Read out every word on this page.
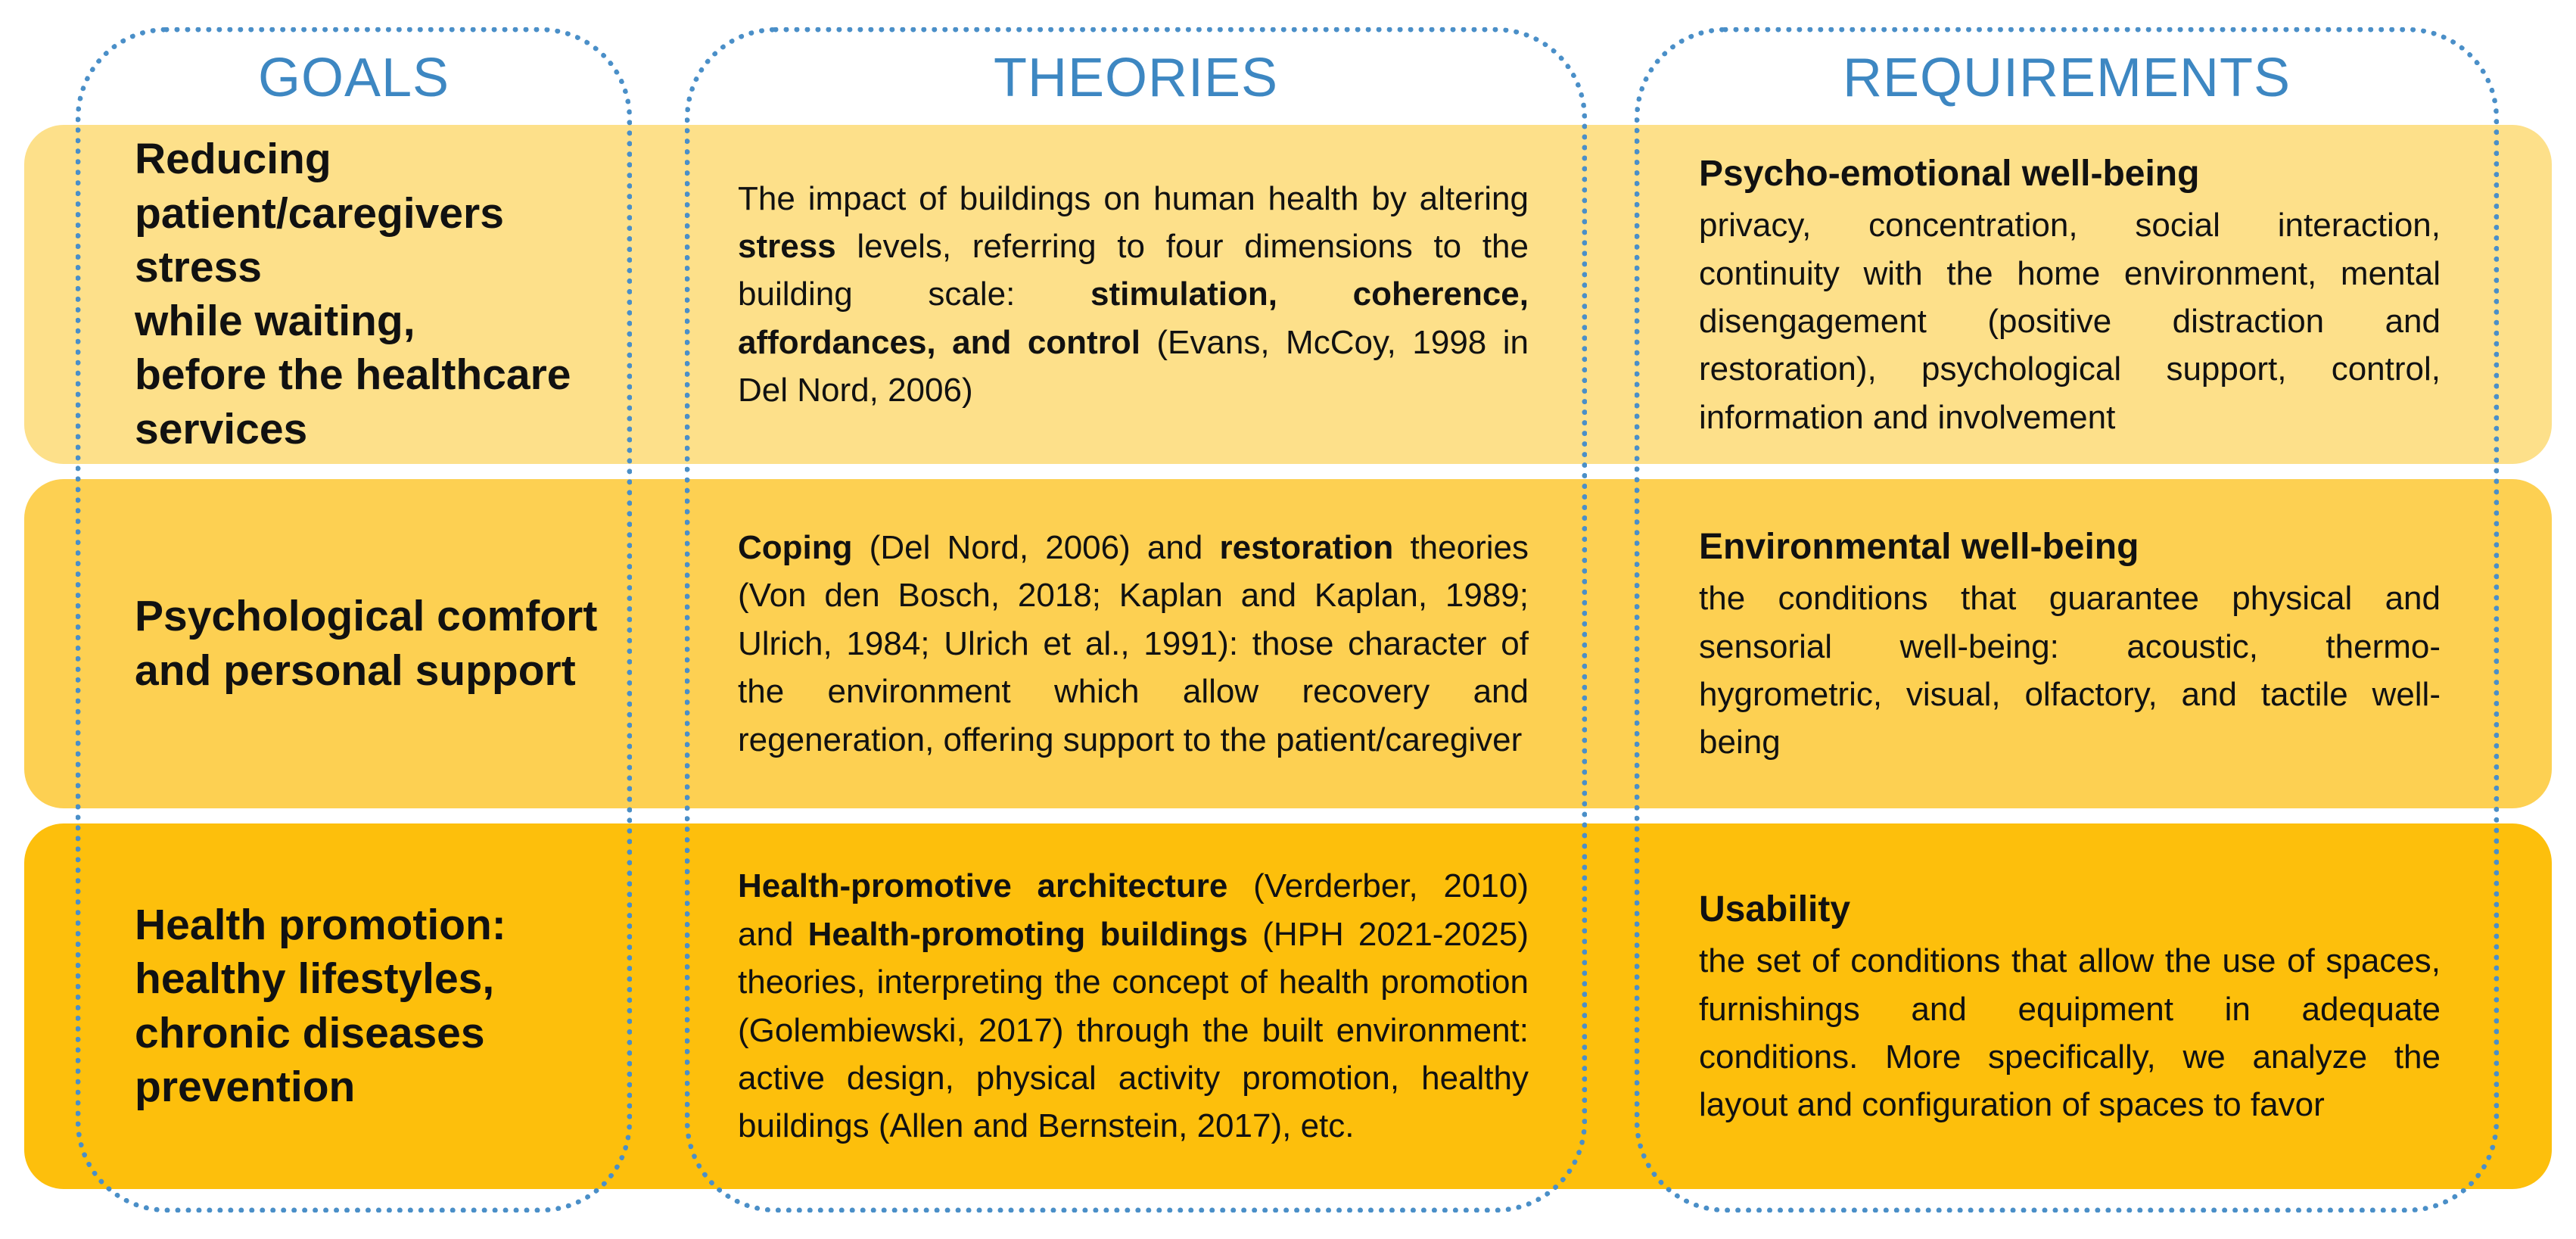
GOALS	THEORIES	REQUIREMENTS
Reducing
patient/caregivers stress
while waiting,
before the healthcare
services
The impact of buildings on human health by altering stress levels, referring to four dimensions to the building scale: stimulation, coherence, affordances, and control (Evans, McCoy, 1998 in Del Nord, 2006)
Psycho-emotional well-being
privacy, concentration, social interaction, continuity with the home environment, mental disengagement (positive distraction and restoration), psychological support, control, information and involvement
Psychological comfort
and personal support
Coping (Del Nord, 2006) and restoration theories (Von den Bosch, 2018; Kaplan and Kaplan, 1989; Ulrich, 1984; Ulrich et al., 1991): those character of the environment which allow recovery and regeneration, offering support to the patient/caregiver
Environmental well-being
the conditions that guarantee physical and sensorial well-being: acoustic, thermo-hygrometric, visual, olfactory, and tactile well-being
Health promotion:
healthy lifestyles,
chronic diseases
prevention
Health-promotive architecture (Verderber, 2010) and Health-promoting buildings (HPH 2021-2025) theories, interpreting the concept of health promotion (Golembiewski, 2017) through the built environment: active design, physical activity promotion, healthy buildings (Allen and Bernstein, 2017), etc.
Usability
the set of conditions that allow the use of spaces, furnishings and equipment in adequate conditions. More specifically, we analyze the layout and configuration of spaces to favor
